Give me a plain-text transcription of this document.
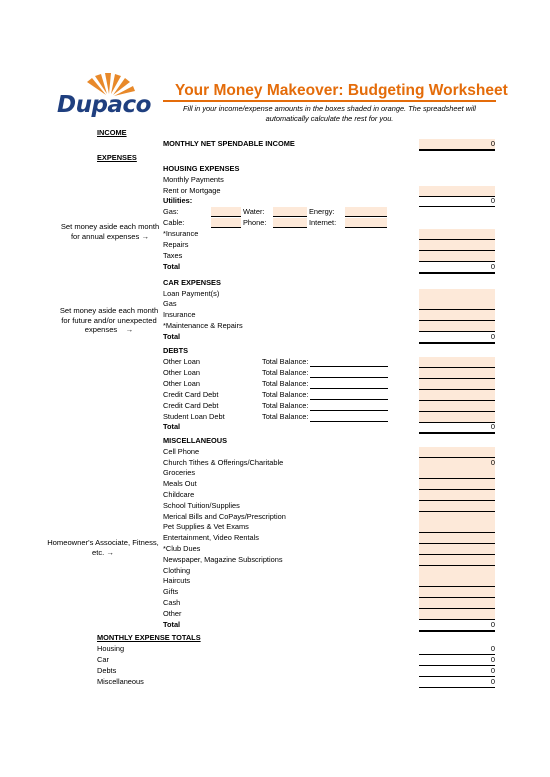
Dupaco
Your Money Makeover: Budgeting Worksheet
Fill in your income/expense amounts in the boxes shaded in orange. The spreadsheet will automatically calculate the rest for you.
INCOME
MONTHLY NET SPENDABLE INCOME	0
EXPENSES
HOUSING EXPENSES
Monthly Payments
Rent or Mortgage
Utilities:	0
Gas:	Water:	Energy:
Cable:	Phone:	Internet:
Set money aside each month for annual expenses →	*Insurance
Repairs
Taxes
Total	0
CAR EXPENSES
Loan Payment(s)
Gas
Insurance
*Maintenance & Repairs
Set money aside each month for future and/or unexpected expenses    →
Total	0
DEBTS
Other Loan	Total Balance:
Other Loan	Total Balance:
Other Loan	Total Balance:
Credit Card Debt	Total Balance:
Credit Card Debt	Total Balance:
Student Loan Debt	Total Balance:
Total	0
MISCELLANEOUS
Cell Phone
Church Tithes & Offerings/Charitable	0
Groceries
Meals Out
Childcare
School Tuition/Supplies
Merical Bills and CoPays/Prescription
Pet Supplies & Vet Exams
Entertainment, Video Rentals
*Club Dues
Newspaper, Magazine Subscriptions
Clothing
Haircuts
Gifts
Cash
Other
Homeowner's Associate, Fitness, etc. →
Total	0
MONTHLY EXPENSE TOTALS
Housing	0
Car	0
Debts	0
Miscellaneous	0
